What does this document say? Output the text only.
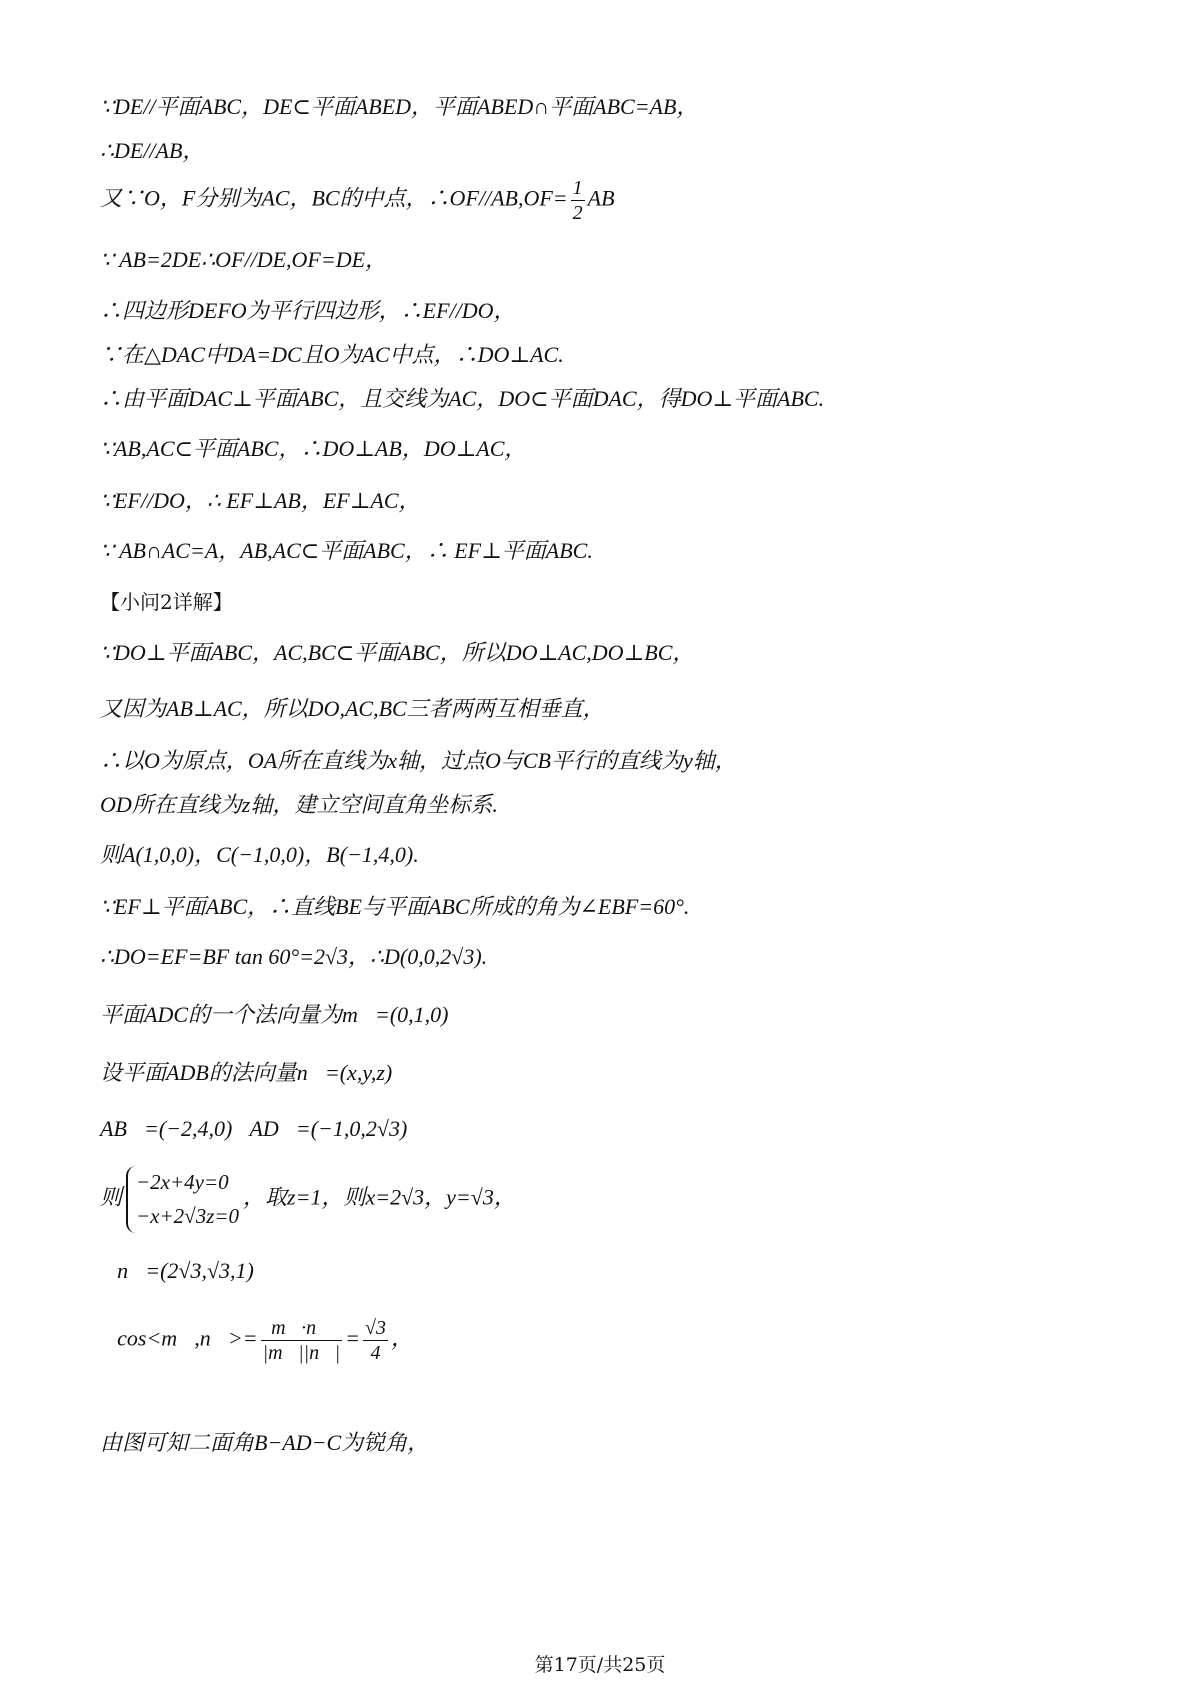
∵DE//平面ABC，DE⊂平面ABED，平面ABED∩平面ABC=AB，
∴DE//AB，
又∵O，F分别为AC，BC的中点，∴OF//AB,OF= $\frac{1}{2}$ AB
∵ AB=2DE∴OF//DE,OF=DE，
∴四边形DEFO为平行四边形，∴EF//DO，
∵在△DAC中DA=DC且O为AC中点，∴DO⊥AC.
∴由平面DAC⊥平面ABC，且交线为AC，DO⊂平面DAC，得DO⊥平面ABC.
∵AB,AC⊂平面ABC，∴DO⊥AB，DO⊥AC，
∵EF//DO，∴ EF⊥AB，EF⊥AC，
∵ AB∩AC=A，AB,AC⊂平面ABC，∴ EF⊥平面ABC.
【小问2详解】
∵DO⊥平面ABC，AC,BC⊂平面ABC，所以DO⊥AC,DO⊥BC，
又因为AB⊥AC，所以DO,AC,BC三者两两互相垂直，
∴以O为原点，OA所在直线为x轴，过点O与CB平行的直线为y轴，
OD所在直线为z轴，建立空间直角坐标系.
则A(1,0,0)，C(−1,0,0)，B(−1,4,0).
∵EF⊥平面ABC，∴直线BE与平面ABC所成的角为∠EBF=60°.
∴DO=EF=BF tan 60°=2√3，∴D(0,0,2√3).
平面ADC的一个法向量为m⃗=(0,1,0)，
设平面ADB的法向量n⃗=(x,y,z)，
AB⃗=(−2,4,0)，AD⃗=(−1,0,2√3)，
则
−2x+4y=0
−x+2√3z=0
，取z=1，则x=2√3，y=√3，
∴n⃗=(2√3,√3,1)，
∴cos<m⃗,n⃗>= $\frac{m⃗\cdot n⃗}{|m⃗||n⃗|} = \frac{√3}{4}$ ，
由图可知二面角B−AD−C为锐角，
第17页/共25页
